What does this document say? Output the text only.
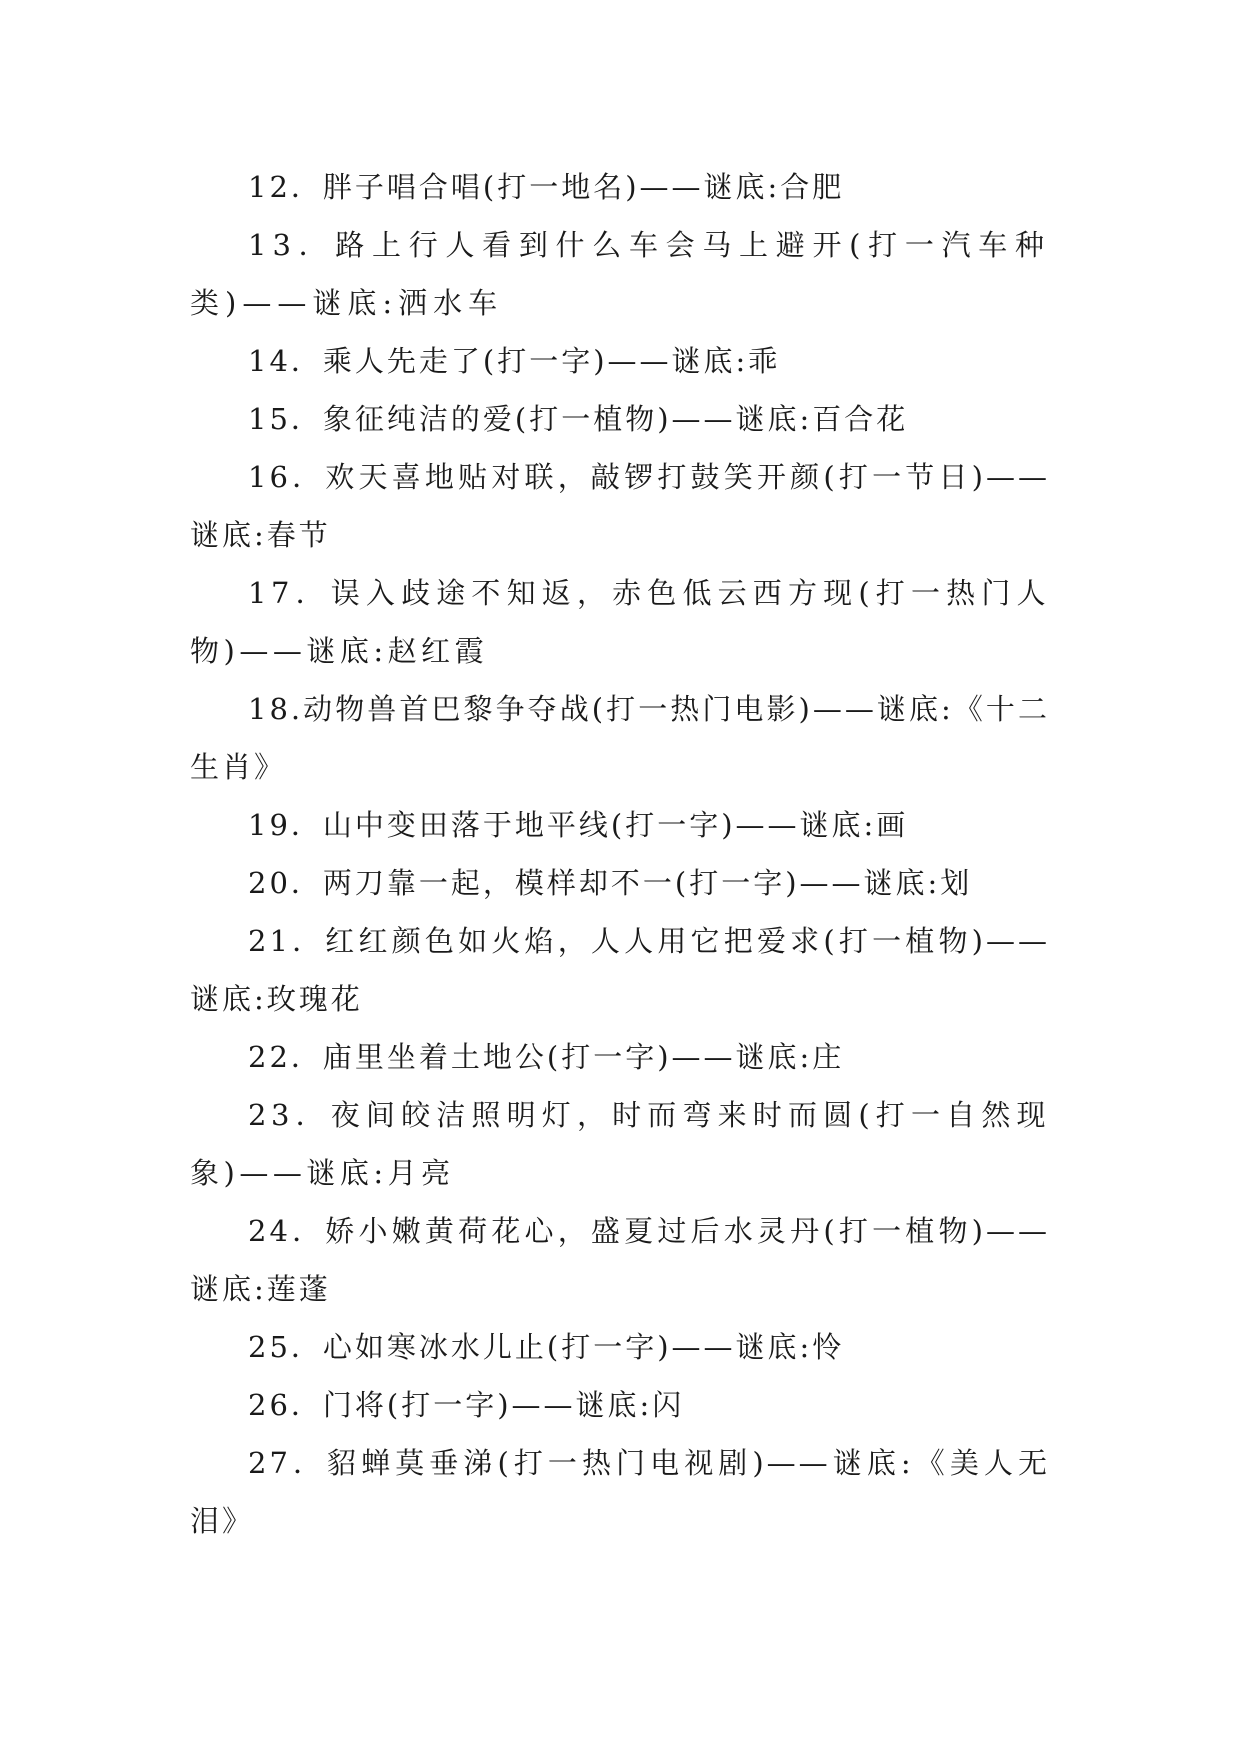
12．胖子唱合唱(打一地名)——谜底:合肥

13．路上行人看到什么车会马上避开(打一汽车种类)——谜底:洒水车

14．乘人先走了(打一字)——谜底:乖

15．象征纯洁的爱(打一植物)——谜底:百合花

16．欢天喜地贴对联，敲锣打鼓笑开颜(打一节日)——谜底:春节

17．误入歧途不知返，赤色低云西方现(打一热门人物)——谜底:赵红霞

18.动物兽首巴黎争夺战(打一热门电影)——谜底:《十二生肖》

19．山中变田落于地平线(打一字)——谜底:画

20．两刀靠一起，模样却不一(打一字)——谜底:划

21．红红颜色如火焰，人人用它把爱求(打一植物)——谜底:玫瑰花

22．庙里坐着土地公(打一字)——谜底:庄

23．夜间皎洁照明灯，时而弯来时而圆(打一自然现象)——谜底:月亮

24．娇小嫩黄荷花心，盛夏过后水灵丹(打一植物)——谜底:莲蓬

25．心如寒冰水儿止(打一字)——谜底:怜

26．门将(打一字)——谜底:闪

27．貂蝉莫垂涕(打一热门电视剧)——谜底:《美人无泪》
